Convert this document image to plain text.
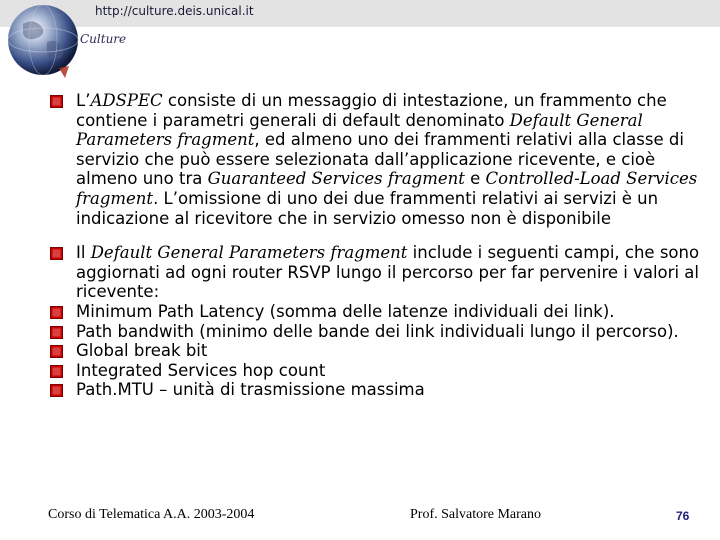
http://culture.deis.unical.it
Culture
L’ADSPEC consiste di un messaggio di intestazione, un frammento che contiene i parametri generali di default denominato Default General Parameters fragment, ed almeno uno dei frammenti relativi alla classe di servizio che può essere selezionata dall’applicazione ricevente, e cioè almeno uno tra Guaranteed Services fragment e Controlled-Load Services fragment. L’omissione di uno dei due frammenti relativi ai servizi è un indicazione al ricevitore che in servizio omesso non è disponibile
Il Default General Parameters fragment include i seguenti campi, che sono aggiornati ad ogni router RSVP lungo il percorso per far pervenire i valori al ricevente:
Minimum Path Latency (somma delle latenze individuali dei link).
Path bandwith (minimo delle bande dei link individuali lungo il percorso).
Global break bit
Integrated Services hop count
Path.MTU – unità di trasmissione massima
Corso di Telematica A.A. 2003-2004	Prof. Salvatore Marano	76
